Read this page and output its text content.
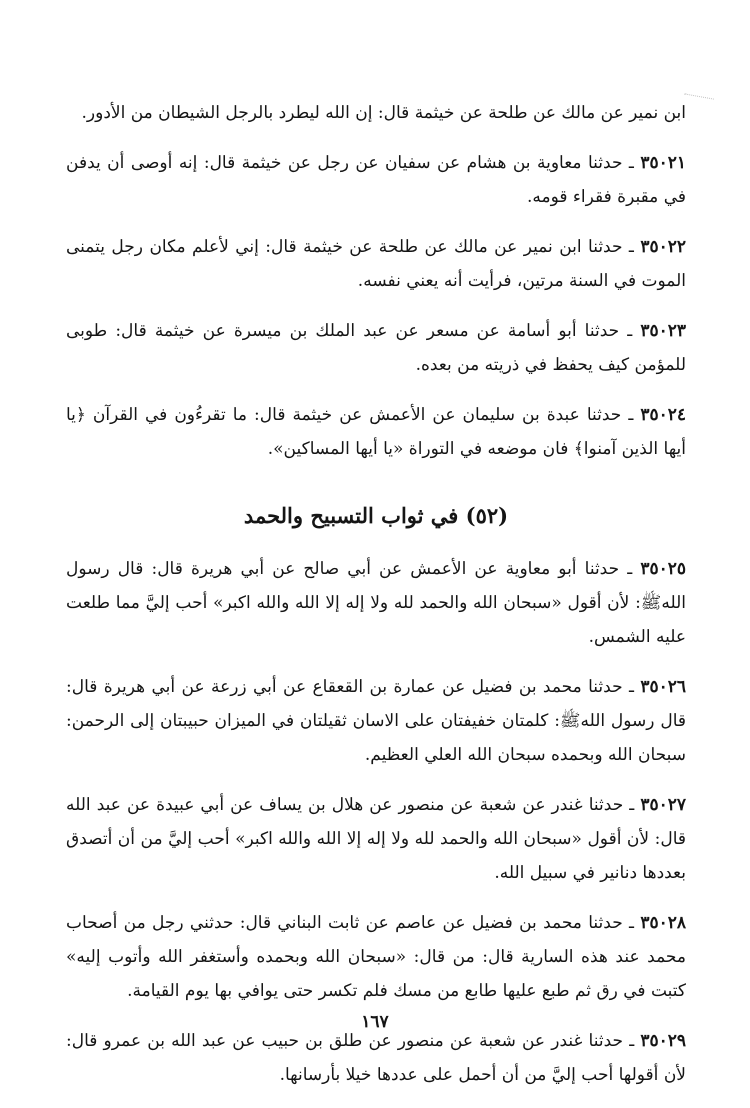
ابن نمير عن مالك عن طلحة عن خيثمة قال: إن الله ليطرد بالرجل الشيطان من الأدور.

٣٥٠٢١ ـ حدثنا معاوية بن هشام عن سفيان عن رجل عن خيثمة قال: إنه أوصى أن يدفن في مقبرة فقراء قومه.

٣٥٠٢٢ ـ حدثنا ابن نمير عن مالك عن طلحة عن خيثمة قال: إني لأعلم مكان رجل يتمنى الموت في السنة مرتين، فرأيت أنه يعني نفسه.

٣٥٠٢٣ ـ حدثنا أبو أسامة عن مسعر عن عبد الملك بن ميسرة عن خيثمة قال: طوبى للمؤمن كيف يحفظ في ذريته من بعده.

٣٥٠٢٤ ـ حدثنا عبدة بن سليمان عن الأعمش عن خيثمة قال: ما تقرءُون في القرآن ﴿يا أيها الذين آمنوا﴾ فان موضعه في التوراة «يا أيها المساكين».

(٥٢) في ثواب التسبيح والحمد

٣٥٠٢٥ ـ حدثنا أبو معاوية عن الأعمش عن أبي صالح عن أبي هريرة قال: قال رسول اللهﷺ: لأن أقول «سبحان الله والحمد لله ولا إله إلا الله والله اكبر» أحب إليَّ مما طلعت عليه الشمس.

٣٥٠٢٦ ـ حدثنا محمد بن فضيل عن عمارة بن القعقاع عن أبي زرعة عن أبي هريرة قال: قال رسول اللهﷺ: كلمتان خفيفتان على الاسان ثقيلتان في الميزان حبيبتان إلى الرحمن: سبحان الله وبحمده سبحان الله العلي العظيم.

٣٥٠٢٧ ـ حدثنا غندر عن شعبة عن منصور عن هلال بن يساف عن أبي عبيدة عن عبد الله قال: لأن أقول «سبحان الله والحمد لله ولا إله إلا الله والله اكبر» أحب إليَّ من أن أتصدق بعددها دنانير في سبيل الله.

٣٥٠٢٨ ـ حدثنا محمد بن فضيل عن عاصم عن ثابت البناني قال: حدثني رجل من أصحاب محمد عند هذه السارية قال: من قال: «سبحان الله وبحمده وأستغفر الله وأتوب إليه» كتبت في رق ثم طبع عليها طابع من مسك فلم تكسر حتى يوافي بها يوم القيامة.

٣٥٠٢٩ ـ حدثنا غندر عن شعبة عن منصور عن طلق بن حبيب عن عبد الله بن عمرو قال: لأن أقولها أحب إليَّ من أن أحمل على عددها خيلا بأرسانها.

١٦٧
